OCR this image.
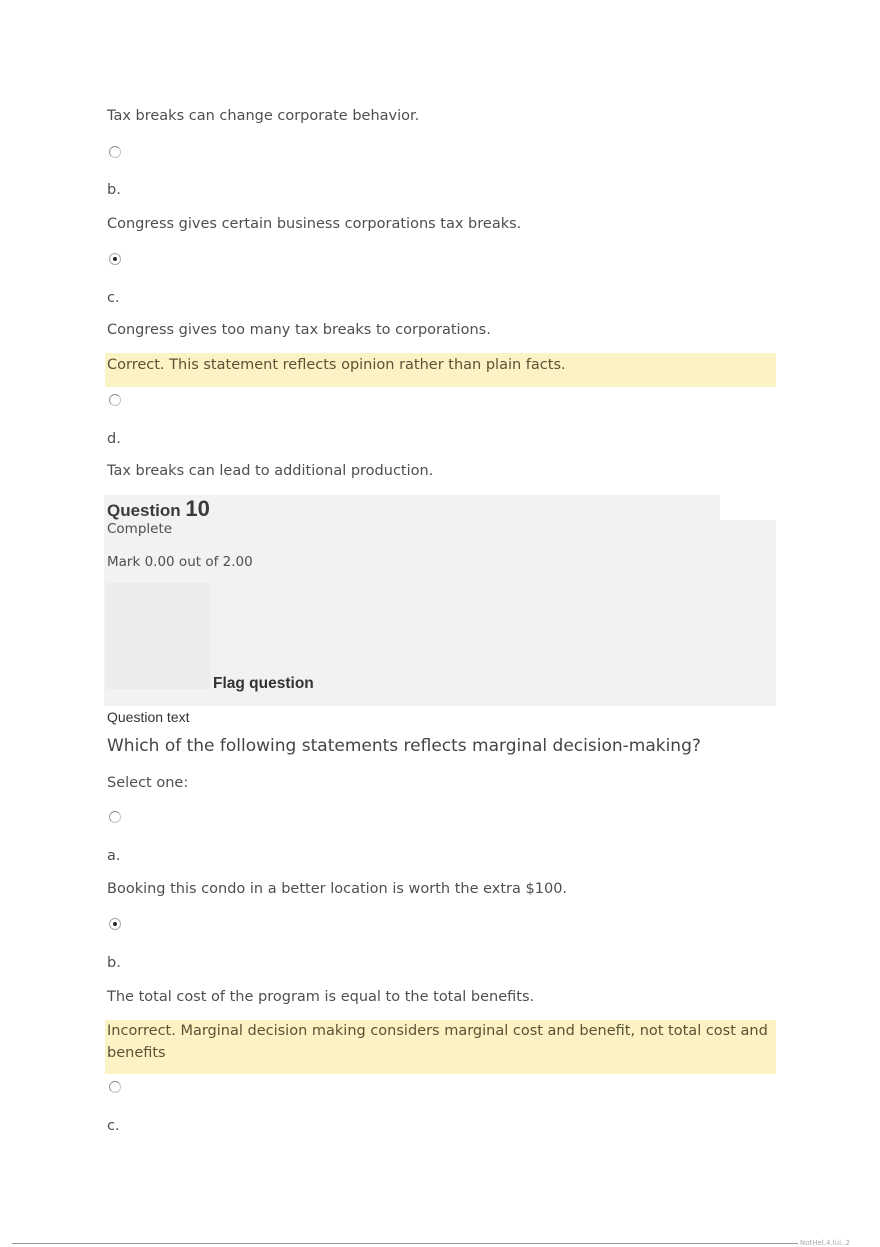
Tax breaks can change corporate behavior.
b.
Congress gives certain business corporations tax breaks.
c.
Congress gives too many tax breaks to corporations.
Correct. This statement reflects opinion rather than plain facts.
d.
Tax breaks can lead to additional production.
Question 10
Complete
Mark 0.00 out of 2.00
Flag question
Question text
Which of the following statements reflects marginal decision-making?
Select one:
a.
Booking this condo in a better location is worth the extra $100.
b.
The total cost of the program is equal to the total benefits.
Incorrect. Marginal decision making considers marginal cost and benefit, not total cost and
benefits
c.
NotHel.4.lul..2
